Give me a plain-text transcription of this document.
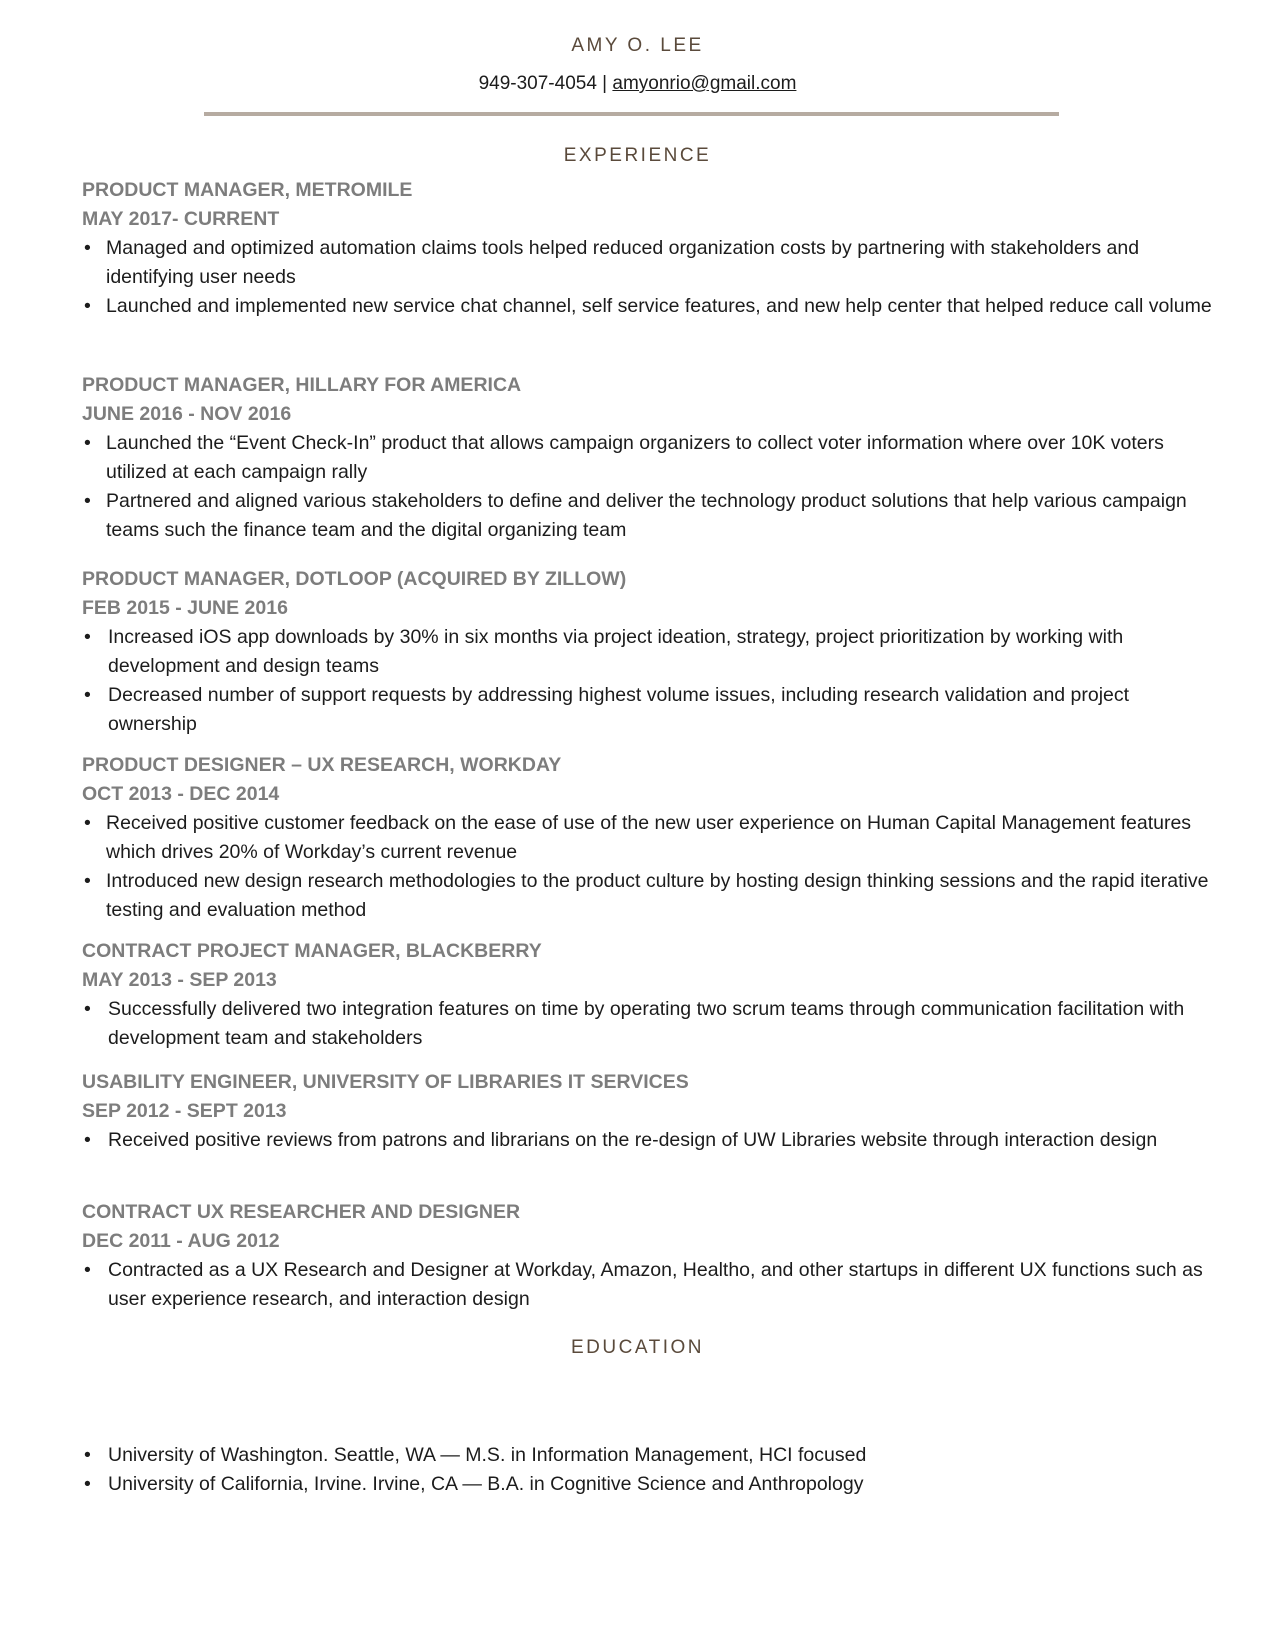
AMY O. LEE
949-307-4054 | amyonrio@gmail.com
EXPERIENCE
PRODUCT MANAGER, METROMILE
MAY 2017- CURRENT
• Managed and optimized automation claims tools helped reduced organization costs by partnering with stakeholders and identifying user needs
• Launched and implemented new service chat channel, self service features, and new help center that helped reduce call volume
PRODUCT MANAGER, HILLARY FOR AMERICA
JUNE 2016 - NOV 2016
• Launched the “Event Check-In” product that allows campaign organizers to collect voter information where over 10K voters utilized at each campaign rally
• Partnered and aligned various stakeholders to define and deliver the technology product solutions that help various campaign teams such the finance team and the digital organizing team
PRODUCT MANAGER, DOTLOOP (ACQUIRED BY ZILLOW)
FEB 2015 - JUNE 2016
• Increased iOS app downloads by 30% in six months via project ideation, strategy, project prioritization by working with development and design teams
• Decreased number of support requests by addressing highest volume issues, including research validation and project ownership
PRODUCT DESIGNER – UX RESEARCH, WORKDAY
OCT 2013 - DEC 2014
• Received positive customer feedback on the ease of use of the new user experience on Human Capital Management features which drives 20% of Workday’s current revenue
• Introduced new design research methodologies to the product culture by hosting design thinking sessions and the rapid iterative testing and evaluation method
CONTRACT PROJECT MANAGER, BLACKBERRY
MAY 2013 - SEP 2013
• Successfully delivered two integration features on time by operating two scrum teams through communication facilitation with development team and stakeholders
USABILITY ENGINEER, UNIVERSITY OF LIBRARIES IT SERVICES
SEP 2012 - SEPT 2013
• Received positive reviews from patrons and librarians on the re-design of UW Libraries website through interaction design
CONTRACT UX RESEARCHER AND DESIGNER
DEC 2011 - AUG 2012
• Contracted as a UX Research and Designer at Workday, Amazon, Healtho, and other startups in different UX functions such as user experience research, and interaction design
EDUCATION
• University of Washington. Seattle, WA — M.S. in Information Management, HCI focused
• University of California, Irvine. Irvine, CA — B.A. in Cognitive Science and Anthropology
